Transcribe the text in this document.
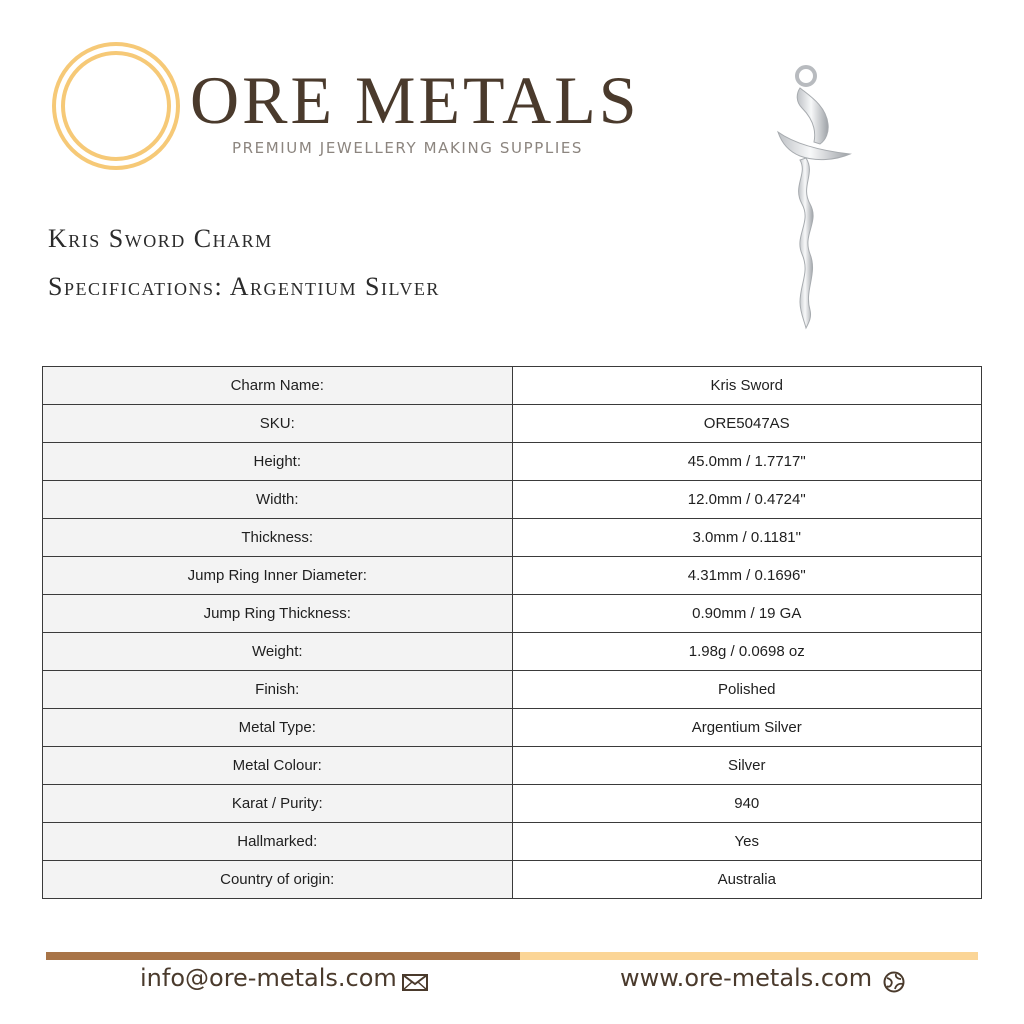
ORE METALS
PREMIUM JEWELLERY MAKING SUPPLIES
Kris Sword Charm
Specifications: Argentium Silver
Charm Name:	Kris Sword
SKU:	ORE5047AS
Height:	45.0mm / 1.7717"
Width:	12.0mm / 0.4724"
Thickness:	3.0mm / 0.1181"
Jump Ring Inner Diameter:	4.31mm / 0.1696"
Jump Ring Thickness:	0.90mm / 19 GA
Weight:	1.98g / 0.0698 oz
Finish:	Polished
Metal Type:	Argentium Silver
Metal Colour:	Silver
Karat / Purity:	940
Hallmarked:	Yes
Country of origin:	Australia
info@ore-metals.com	www.ore-metals.com
